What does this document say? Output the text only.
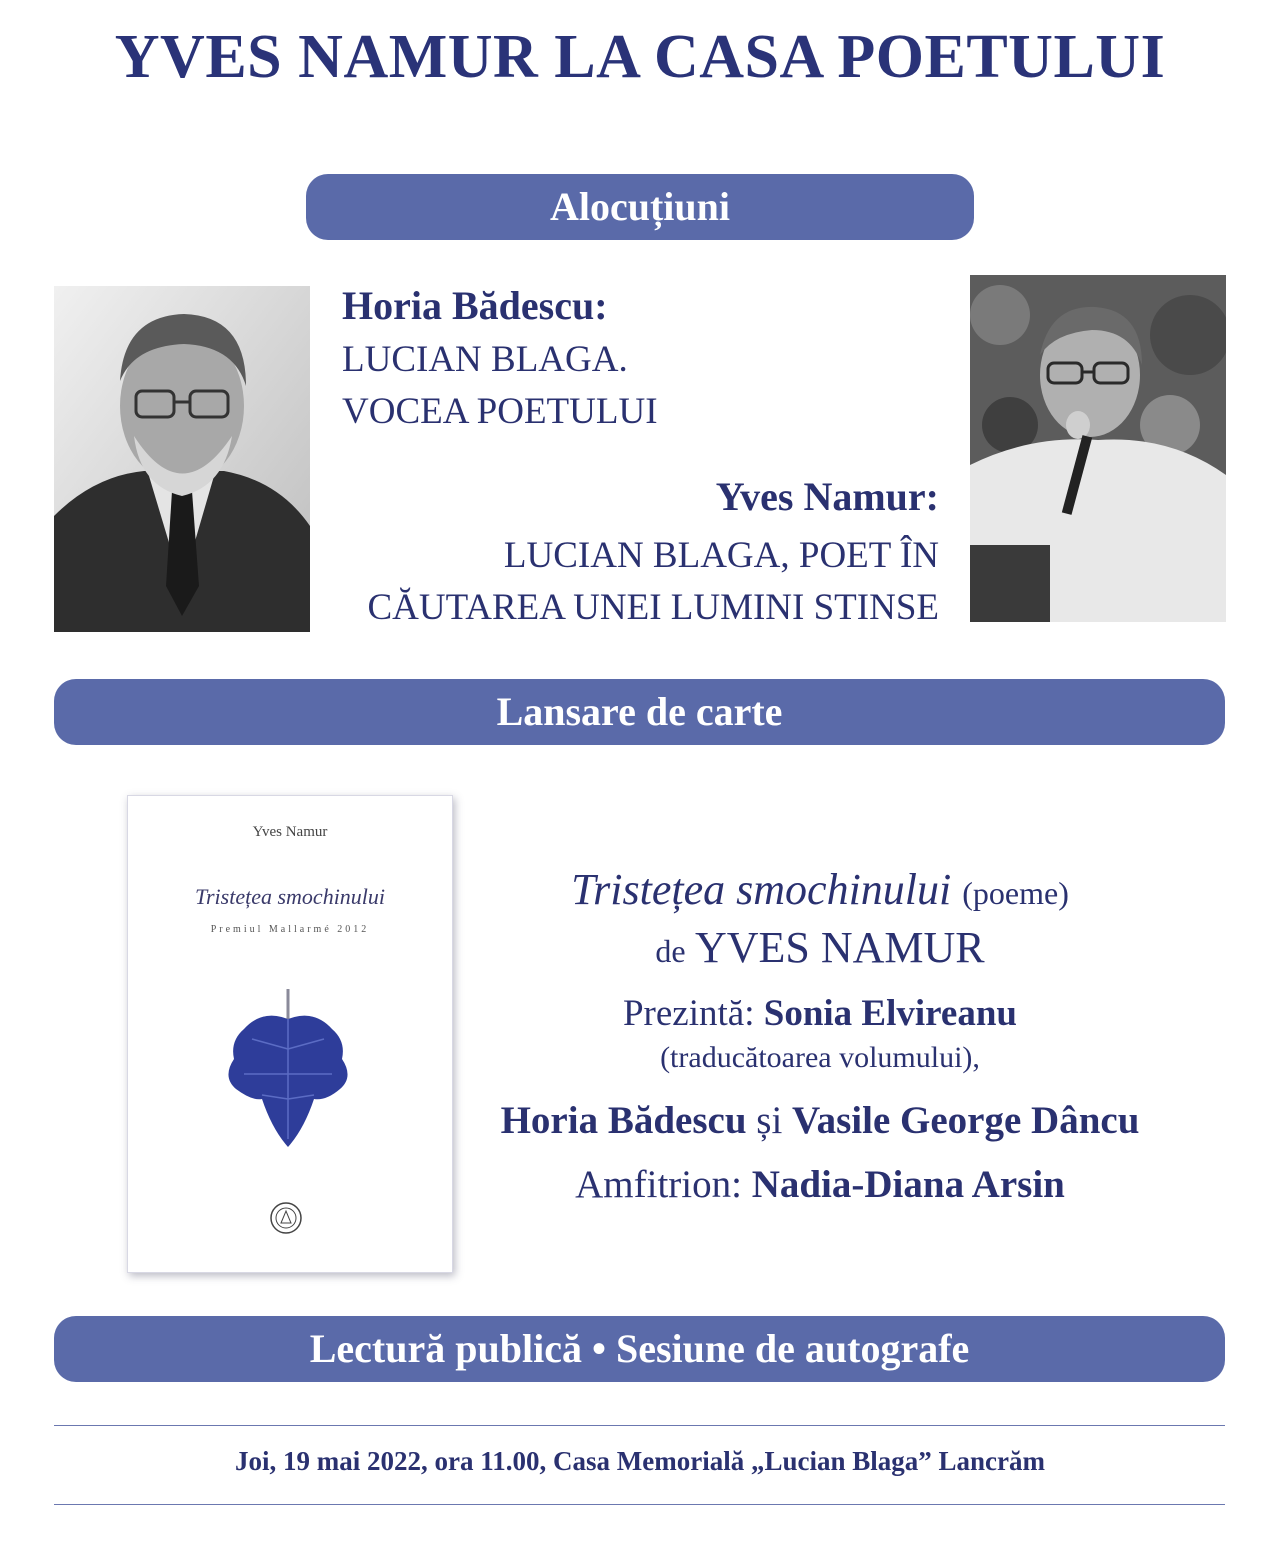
YVES NAMUR LA CASA POETULUI
Alocuțiuni
Horia Bădescu:
LUCIAN BLAGA.
VOCEA POETULUI
Yves Namur:
LUCIAN BLAGA, POET ÎN
CĂUTAREA UNEI LUMINI STINSE
Lansare de carte
Yves Namur
Tristețea smochinului
Premiul Mallarmé 2012
Tristețea smochinului (poeme)
de YVES NAMUR
Prezintă: Sonia Elvireanu
(traducătoarea volumului),
Horia Bădescu și Vasile George Dâncu
Amfitrion: Nadia-Diana Arsin
Lectură publică • Sesiune de autografe
Joi, 19 mai 2022, ora 11.00, Casa Memorială „Lucian Blaga” Lancrăm
